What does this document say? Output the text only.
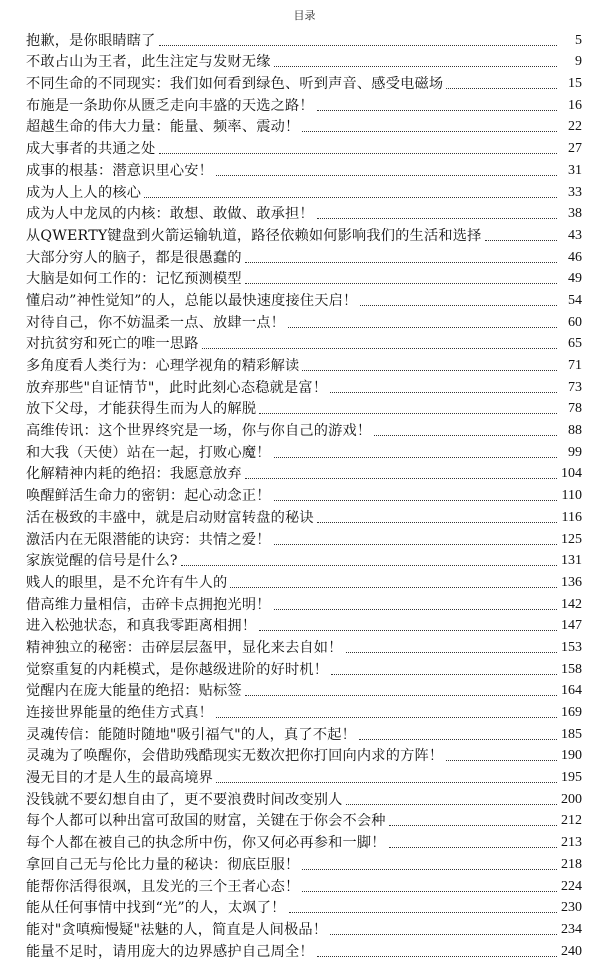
目录
抱歉，是你眼睛瞎了	5
不敢占山为王者，此生注定与发财无缘	9
不同生命的不同现实：我们如何看到绿色、听到声音、感受电磁场	15
布施是一条助你从匮乏走向丰盛的天选之路！	16
超越生命的伟大力量：能量、频率、震动！	22
成大事者的共通之处	27
成事的根基：潜意识里心安！	31
成为人上人的核心	33
成为人中龙凤的内核：敢想、敢做、敢承担！	38
从QWERTY键盘到火箭运输轨道，路径依赖如何影响我们的生活和选择	43
大部分穷人的脑子，都是很愚蠢的	46
大脑是如何工作的：记忆预测模型	49
懂启动”神性觉知”的人，总能以最快速度接住天启！	54
对待自己，你不妨温柔一点、放肆一点！	60
对抗贫穷和死亡的唯一思路	65
多角度看人类行为：心理学视角的精彩解读	71
放弃那些"自证情节"，此时此刻心态稳就是富！	73
放下父母，才能获得生而为人的解脱	78
高维传讯：这个世界终究是一场，你与你自己的游戏！	88
和大我（天使）站在一起，打败心魔！	99
化解精神内耗的绝招：我愿意放弃	104
唤醒鲜活生命力的密钥：起心动念正！	110
活在极致的丰盛中，就是启动财富转盘的秘诀	116
激活内在无限潜能的诀窍：共情之爱！	125
家族觉醒的信号是什么?	131
贱人的眼里，是不允许有牛人的	136
借高维力量相信，击碎卡点拥抱光明！	142
进入松弛状态，和真我零距离相拥！	147
精神独立的秘密：击碎层层盔甲，显化来去自如！	153
觉察重复的内耗模式，是你越级进阶的好时机！	158
觉醒内在庞大能量的绝招：贴标签	164
连接世界能量的绝佳方式真！	169
灵魂传信：能随时随地"吸引福气"的人，真了不起！	185
灵魂为了唤醒你，会借助残酷现实无数次把你打回向内求的方阵！	190
漫无目的才是人生的最高境界	195
没钱就不要幻想自由了，更不要浪费时间改变别人	200
每个人都可以种出富可敌国的财富，关键在于你会不会种	212
每个人都在被自己的执念所中伤，你又何必再参和一脚！	213
拿回自己无与伦比力量的秘诀：彻底臣服！	218
能帮你活得很飒，且发光的三个王者心态！	224
能从任何事情中找到“光”的人，太飒了！	230
能对"贪嗔痴慢疑"祛魅的人，简直是人间极品！	234
能量不足时，请用庞大的边界感护自己周全！	240
